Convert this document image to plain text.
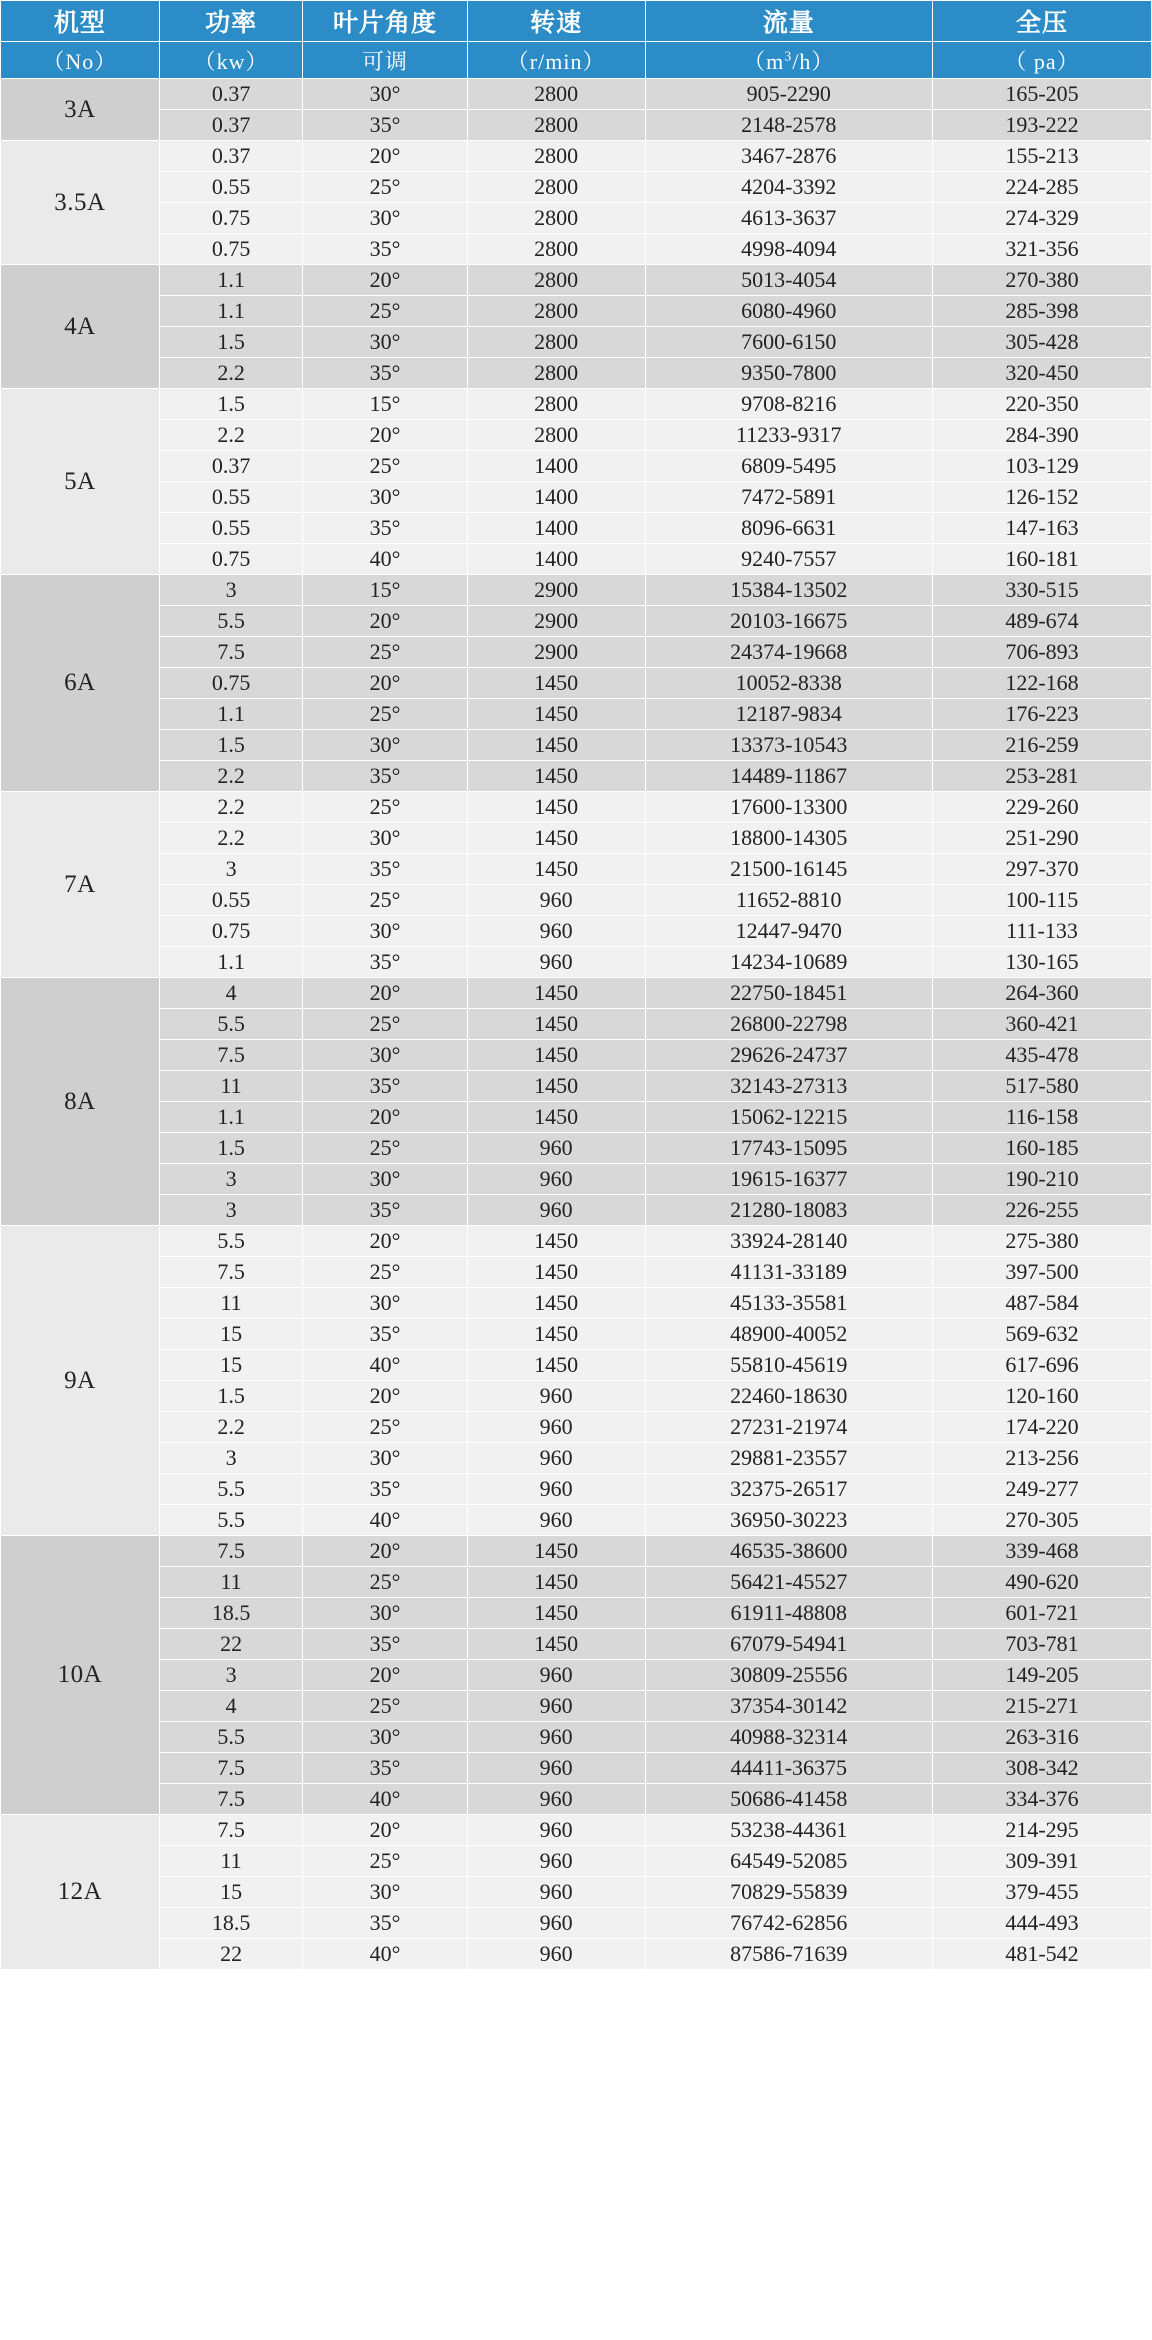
机型	功率	叶片角度	转速	流量	全压
（No）	（kw）	可调	（r/min）	$(m^3/h)$	（ pa）
3A	0.37	30°	2800	905-2290	165-205
	0.37	35°	2800	2148-2578	193-222
3.5A	0.37	20°	2800	3467-2876	155-213
	0.55	25°	2800	4204-3392	224-285
	0.75	30°	2800	4613-3637	274-329
	0.75	35°	2800	4998-4094	321-356
4A	1.1	20°	2800	5013-4054	270-380
	1.1	25°	2800	6080-4960	285-398
	1.5	30°	2800	7600-6150	305-428
	2.2	35°	2800	9350-7800	320-450
5A	1.5	15°	2800	9708-8216	220-350
	2.2	20°	2800	11233-9317	284-390
	0.37	25°	1400	6809-5495	103-129
	0.55	30°	1400	7472-5891	126-152
	0.55	35°	1400	8096-6631	147-163
	0.75	40°	1400	9240-7557	160-181
6A	3	15°	2900	15384-13502	330-515
	5.5	20°	2900	20103-16675	489-674
	7.5	25°	2900	24374-19668	706-893
	0.75	20°	1450	10052-8338	122-168
	1.1	25°	1450	12187-9834	176-223
	1.5	30°	1450	13373-10543	216-259
	2.2	35°	1450	14489-11867	253-281
7A	2.2	25°	1450	17600-13300	229-260
	2.2	30°	1450	18800-14305	251-290
	3	35°	1450	21500-16145	297-370
	0.55	25°	960	11652-8810	100-115
	0.75	30°	960	12447-9470	111-133
	1.1	35°	960	14234-10689	130-165
8A	4	20°	1450	22750-18451	264-360
	5.5	25°	1450	26800-22798	360-421
	7.5	30°	1450	29626-24737	435-478
	11	35°	1450	32143-27313	517-580
	1.1	20°	1450	15062-12215	116-158
	1.5	25°	960	17743-15095	160-185
	3	30°	960	19615-16377	190-210
	3	35°	960	21280-18083	226-255
9A	5.5	20°	1450	33924-28140	275-380
	7.5	25°	1450	41131-33189	397-500
	11	30°	1450	45133-35581	487-584
	15	35°	1450	48900-40052	569-632
	15	40°	1450	55810-45619	617-696
	1.5	20°	960	22460-18630	120-160
	2.2	25°	960	27231-21974	174-220
	3	30°	960	29881-23557	213-256
	5.5	35°	960	32375-26517	249-277
	5.5	40°	960	36950-30223	270-305
10A	7.5	20°	1450	46535-38600	339-468
	11	25°	1450	56421-45527	490-620
	18.5	30°	1450	61911-48808	601-721
	22	35°	1450	67079-54941	703-781
	3	20°	960	30809-25556	149-205
	4	25°	960	37354-30142	215-271
	5.5	30°	960	40988-32314	263-316
	7.5	35°	960	44411-36375	308-342
	7.5	40°	960	50686-41458	334-376
12A	7.5	20°	960	53238-44361	214-295
	11	25°	960	64549-52085	309-391
	15	30°	960	70829-55839	379-455
	18.5	35°	960	76742-62856	444-493
	22	40°	960	87586-71639	481-542
